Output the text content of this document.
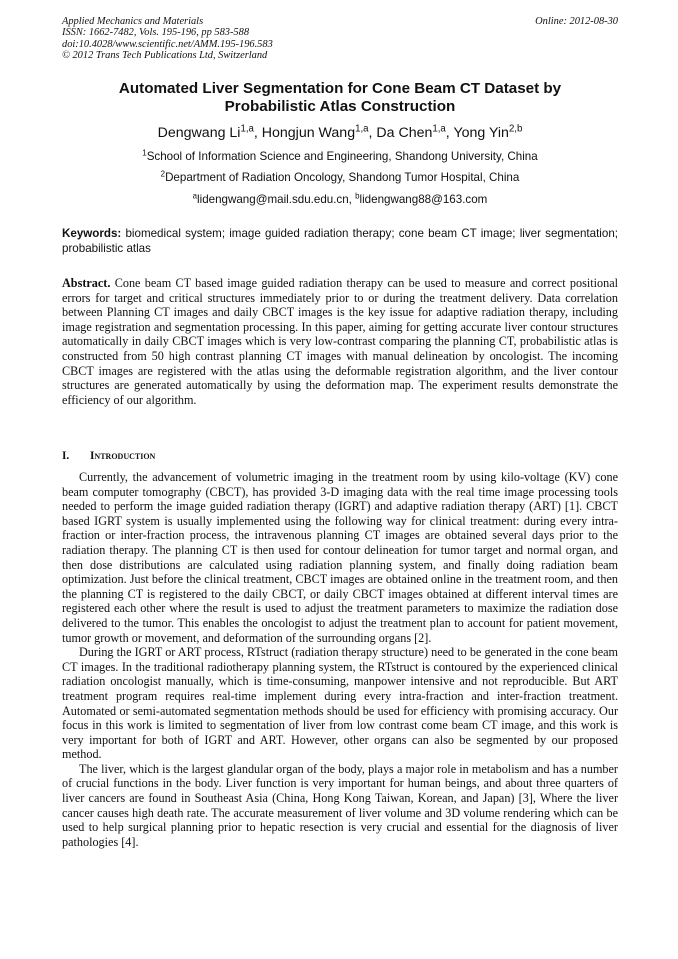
Applied Mechanics and Materials
ISSN: 1662-7482, Vols. 195-196, pp 583-588
doi:10.4028/www.scientific.net/AMM.195-196.583
© 2012 Trans Tech Publications Ltd, Switzerland
Online: 2012-08-30
Automated Liver Segmentation for Cone Beam CT Dataset by
Probabilistic Atlas Construction
Dengwang Li$^{1,a}$, Hongjun Wang$^{1,a}$, Da Chen$^{1,a}$, Yong Yin$^{2,b}$
$^1$School of Information Science and Engineering, Shandong University, China
$^2$Department of Radiation Oncology, Shandong Tumor Hospital, China
$^a$lidengwang@mail.sdu.edu.cn, $^b$lidengwang88@163.com
Keywords: biomedical system; image guided radiation therapy; cone beam CT image; liver segmentation; probabilistic atlas
Abstract. Cone beam CT based image guided radiation therapy can be used to measure and correct positional errors for target and critical structures immediately prior to or during the treatment delivery. Data correlation between Planning CT images and daily CBCT images is the key issue for adaptive radiation therapy, including image registration and segmentation processing. In this paper, aiming for getting accurate liver contour structures automatically in daily CBCT images which is very low-contrast comparing the planning CT, probabilistic atlas is constructed from 50 high contrast planning CT images with manual delineation by oncologist. The incoming CBCT images are registered with the atlas using the deformable registration algorithm, and the liver contour structures are generated automatically by using the deformation map. The experiment results demonstrate the efficiency of our algorithm.
I. Introduction

Currently, the advancement of volumetric imaging in the treatment room by using kilo-voltage (KV) cone beam computer tomography (CBCT), has provided 3-D imaging data with the real time image processing tools needed to perform the image guided radiation therapy (IGRT) and adaptive radiation therapy (ART) [1]. CBCT based IGRT system is usually implemented using the following way for clinical treatment: during every intra-fraction or inter-fraction process, the intravenous planning CT images are obtained several days prior to the radiation therapy. The planning CT is then used for contour delineation for tumor target and normal organ, and then dose distributions are calculated using radiation planning system, and finally doing radiation beam optimization. Just before the clinical treatment, CBCT images are obtained online in the treatment room, and then the planning CT is registered to the daily CBCT, or daily CBCT images obtained at different interval times are registered each other where the result is used to adjust the treatment parameters to maximize the radiation dose delivered to the tumor. This enables the oncologist to adjust the treatment plan to account for patient movement, tumor growth or movement, and deformation of the surrounding organs [2].

During the IGRT or ART process, RTstruct (radiation therapy structure) need to be generated in the cone beam CT images. In the traditional radiotherapy planning system, the RTstruct is contoured by the experienced clinical radiation oncologist manually, which is time-consuming, manpower intensive and not reproducible. But ART treatment program requires real-time implement during every intra-fraction and inter-fraction treatment. Automated or semi-automated segmentation methods should be used for efficiency with promising accuracy. Our focus in this work is limited to segmentation of liver from low contrast come beam CT image, and this work is very important for both of IGRT and ART. However, other organs can also be segmented by our proposed method.

The liver, which is the largest glandular organ of the body, plays a major role in metabolism and has a number of crucial functions in the body. Liver function is very important for human beings, and about three quarters of liver cancers are found in Southeast Asia (China, Hong Kong Taiwan, Korean, and Japan) [3], Where the liver cancer causes high death rate. The accurate measurement of liver volume and 3D volume rendering which can be used to help surgical planning prior to hepatic resection is very crucial and essential for the diagnosis of liver pathologies [4].
